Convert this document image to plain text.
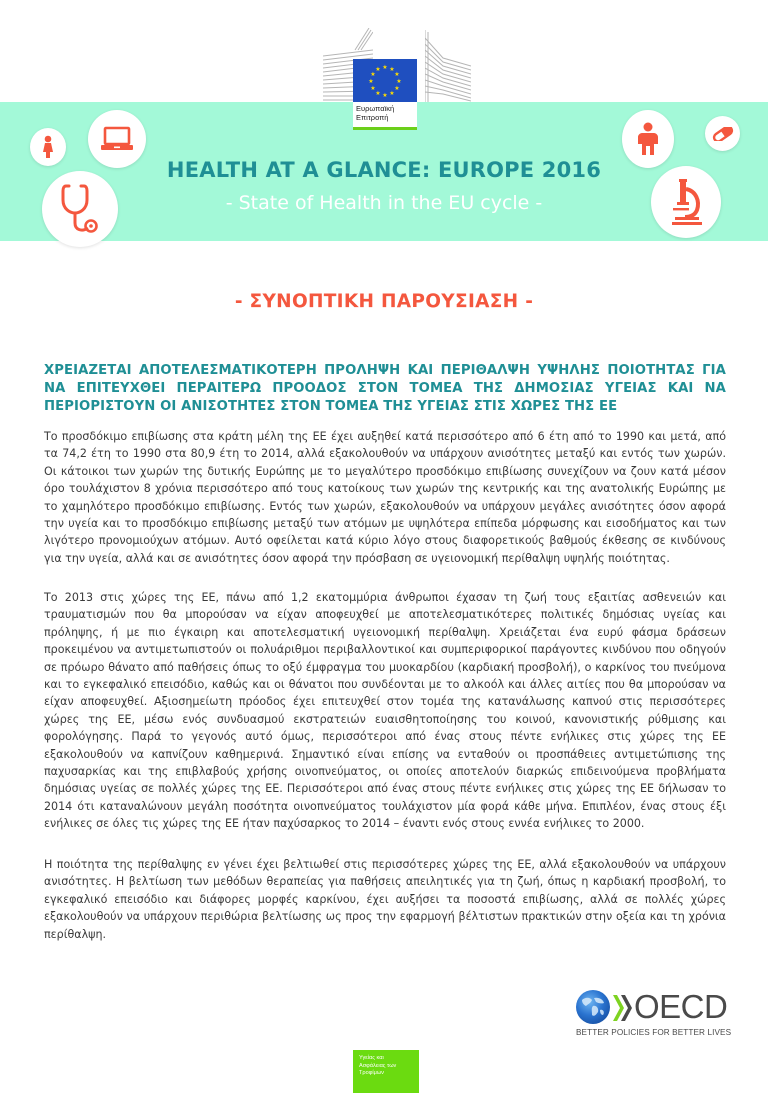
★ ★
★
★
★
★
★
★
★
★
★
★
Ευρωπαϊκή
Επιτροπή
HEALTH AT A GLANCE: EUROPE 2016
- State of Health in the EU cycle -
- ΣΥΝΟΠΤΙΚΗ ΠΑΡΟΥΣΙΑΣΗ -
ΧΡΕΙΑΖΕΤΑΙ ΑΠΟΤΕΛΕΣΜΑΤΙΚΟΤΕΡΗ ΠΡΟΛΗΨΗ ΚΑΙ ΠΕΡΙΘΑΛΨΗ ΥΨΗΛΗΣ ΠΟΙΟΤΗΤΑΣ ΓΙΑ ΝΑ ΕΠΙΤΕΥΧΘΕΙ ΠΕΡΑΙΤΕΡΩ ΠΡΟΟΔΟΣ ΣΤΟΝ ΤΟΜΕΑ ΤΗΣ ΔΗΜΟΣΙΑΣ ΥΓΕΙΑΣ ΚΑΙ ΝΑ ΠΕΡΙΟΡΙΣΤΟΥΝ ΟΙ ΑΝΙΣΟΤΗΤΕΣ ΣΤΟΝ ΤΟΜΕΑ ΤΗΣ ΥΓΕΙΑΣ ΣΤΙΣ ΧΩΡΕΣ ΤΗΣ ΕΕ

Το προσδόκιμο επιβίωσης στα κράτη μέλη της ΕΕ έχει αυξηθεί κατά περισσότερο από 6 έτη από το 1990 και μετά, από τα 74,2 έτη το 1990 στα 80,9 έτη το 2014, αλλά εξακολουθούν να υπάρχουν ανισότητες μεταξύ και εντός των χωρών. Οι κάτοικοι των χωρών της δυτικής Ευρώπης με το μεγαλύτερο προσδόκιμο επιβίωσης συνεχίζουν να ζουν κατά μέσον όρο τουλάχιστον 8 χρόνια περισσότερο από τους κατοίκους των χωρών της κεντρικής και της ανατολικής Ευρώπης με το χαμηλότερο προσδόκιμο επιβίωσης. Εντός των χωρών, εξακολουθούν να υπάρχουν μεγάλες ανισότητες όσον αφορά την υγεία και το προσδόκιμο επιβίωσης μεταξύ των ατόμων με υψηλότερα επίπεδα μόρφωσης και εισοδήματος και των λιγότερο προνομιούχων ατόμων. Αυτό οφείλεται κατά κύριο λόγο στους διαφορετικούς βαθμούς έκθεσης σε κινδύνους για την υγεία, αλλά και σε ανισότητες όσον αφορά την πρόσβαση σε υγειονομική περίθαλψη υψηλής ποιότητας.

Το 2013 στις χώρες της ΕΕ, πάνω από 1,2 εκατομμύρια άνθρωποι έχασαν τη ζωή τους εξαιτίας ασθενειών και τραυματισμών που θα μπορούσαν να είχαν αποφευχθεί με αποτελεσματικότερες πολιτικές δημόσιας υγείας και πρόληψης, ή με πιο έγκαιρη και αποτελεσματική υγειονομική περίθαλψη. Χρειάζεται ένα ευρύ φάσμα δράσεων προκειμένου να αντιμετωπιστούν οι πολυάριθμοι περιβαλλοντικοί και συμπεριφορικοί παράγοντες κινδύνου που οδηγούν σε πρόωρο θάνατο από παθήσεις όπως το οξύ έμφραγμα του μυοκαρδίου (καρδιακή προσβολή), ο καρκίνος του πνεύμονα και το εγκεφαλικό επεισόδιο, καθώς και οι θάνατοι που συνδέονται με το αλκοόλ και άλλες αιτίες που θα μπορούσαν να είχαν αποφευχθεί. Αξιοσημείωτη πρόοδος έχει επιτευχθεί στον τομέα της κατανάλωσης καπνού στις περισσότερες χώρες της ΕΕ, μέσω ενός συνδυασμού εκστρατειών ευαισθητοποίησης του κοινού, κανονιστικής ρύθμισης και φορολόγησης. Παρά το γεγονός αυτό όμως, περισσότεροι από ένας στους πέντε ενήλικες στις χώρες της ΕΕ εξακολουθούν να καπνίζουν καθημερινά. Σημαντικό είναι επίσης να ενταθούν οι προσπάθειες αντιμετώπισης της παχυσαρκίας και της επιβλαβούς χρήσης οινοπνεύματος, οι οποίες αποτελούν διαρκώς επιδεινούμενα προβλήματα δημόσιας υγείας σε πολλές χώρες της ΕΕ. Περισσότεροι από ένας στους πέντε ενήλικες στις χώρες της ΕΕ δήλωσαν το 2014 ότι καταναλώνουν μεγάλη ποσότητα οινοπνεύματος τουλάχιστον μία φορά κάθε μήνα. Επιπλέον, ένας στους έξι ενήλικες σε όλες τις χώρες της ΕΕ ήταν παχύσαρκος το 2014 – έναντι ενός στους εννέα ενήλικες το 2000.

Η ποιότητα της περίθαλψης εν γένει έχει βελτιωθεί στις περισσότερες χώρες της ΕΕ, αλλά εξακολουθούν να υπάρχουν ανισότητες. Η βελτίωση των μεθόδων θεραπείας για παθήσεις απειλητικές για τη ζωή, όπως η καρδιακή προσβολή, το εγκεφαλικό επεισόδιο και διάφορες μορφές καρκίνου, έχει αυξήσει τα ποσοστά επιβίωσης, αλλά σε πολλές χώρες εξακολουθούν να υπάρχουν περιθώρια βελτίωσης ως προς την εφαρμογή βέλτιστων πρακτικών στην οξεία και τη χρόνια περίθαλψη.

OECD
BETTER POLICIES FOR BETTER LIVES
Υγείας και
Ασφάλειας των
Τροφίμων
